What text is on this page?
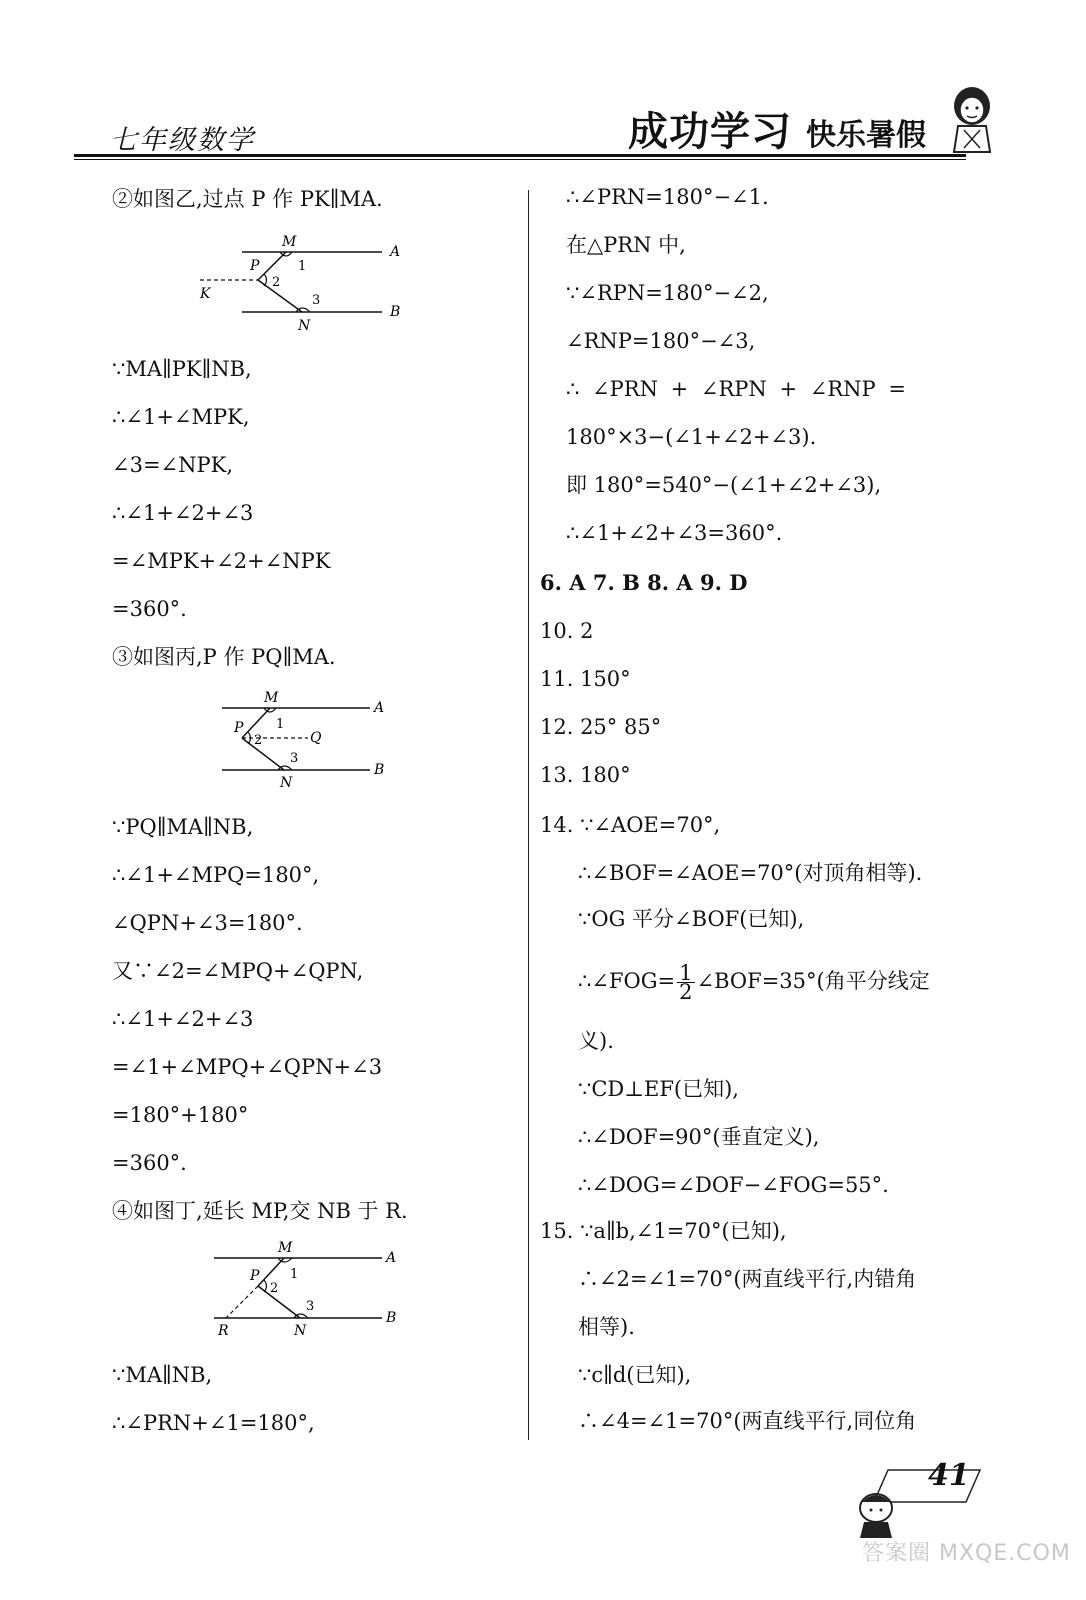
七年级数学	成功学习 快乐暑假
②如图乙,过点 P 作 PK∥MA.
M
A
P
K
N
B
1
2
3
∵MA∥PK∥NB,
∴∠1+∠MPK,
∠3=∠NPK,
∴∠1+∠2+∠3
=∠MPK+∠2+∠NPK
=360°.
③如图丙,P 作 PQ∥MA.
M
A
P
Q
N
B
1
2
3
∵PQ∥MA∥NB,
∴∠1+∠MPQ=180°,
∠QPN+∠3=180°.
又∵∠2=∠MPQ+∠QPN,
∴∠1+∠2+∠3
=∠1+∠MPQ+∠QPN+∠3
=180°+180°
=360°.
④如图丁,延长 MP,交 NB 于 R.
M
A
P
R	N
B
1
2
3
∵MA∥NB,
∴∠PRN+∠1=180°,
∴∠PRN=180°−∠1.
在△PRN 中,
∵∠RPN=180°−∠2,
∠RNP=180°−∠3,
∴ ∠PRN + ∠RPN + ∠RNP =
180°×3−(∠1+∠2+∠3).
即 180°=540°−(∠1+∠2+∠3),
∴∠1+∠2+∠3=360°.
6. A 7. B 8. A 9. D
10. 2
11. 150°
12. 25° 85°
13. 180°
14. ∵∠AOE=70°,
∴∠BOF=∠AOE=70°(对顶角相等).
∵OG 平分∠BOF(已知),
∴∠FOG= $\frac{1}{2}$ ∠BOF=35°(角平分线定
义).
∵CD⊥EF(已知),
∴∠DOF=90°(垂直定义),
∴∠DOG=∠DOF−∠FOG=55°.
15. ∵a∥b,∠1=70°(已知),
∴∠2=∠1=70°(两直线平行,内错角
相等).
∵c∥d(已知),
∴∠4=∠1=70°(两直线平行,同位角
41
答案圈 MXQE.COM
